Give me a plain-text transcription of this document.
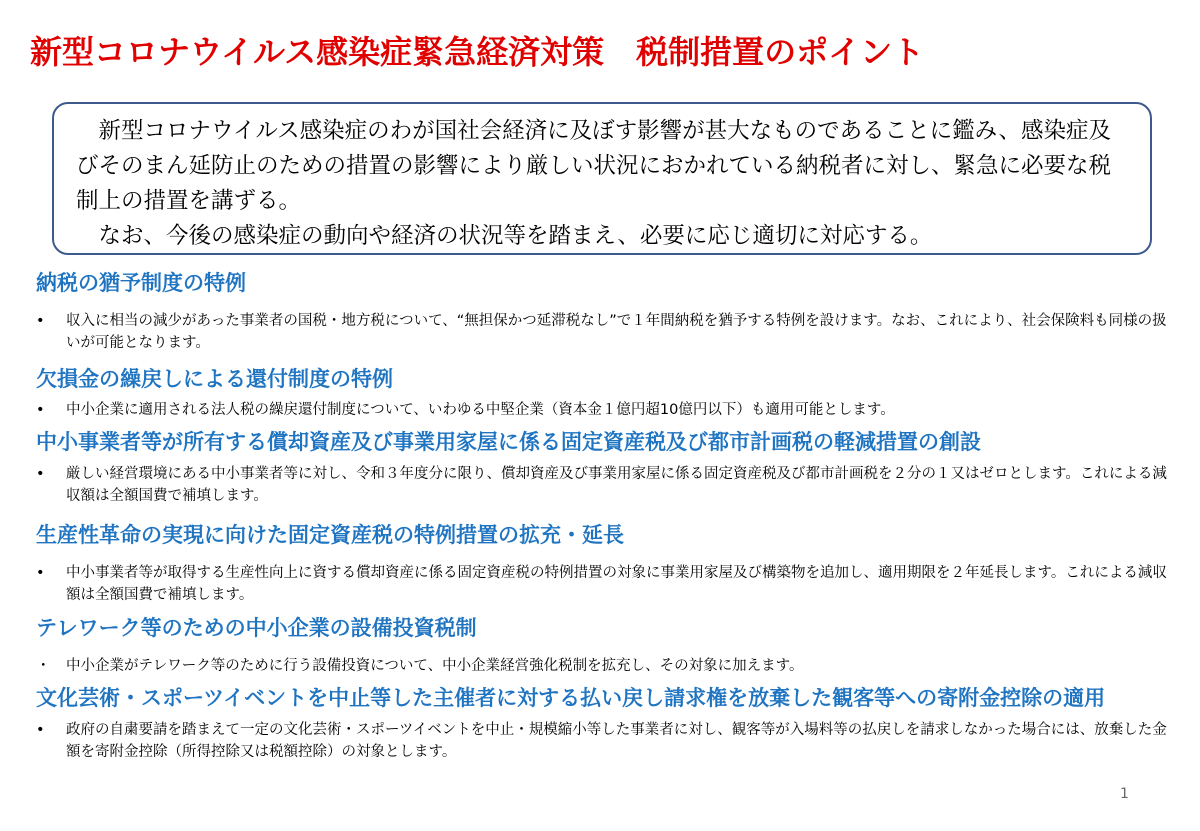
新型コロナウイルス感染症緊急経済対策　税制措置のポイント

　新型コロナウイルス感染症のわが国社会経済に及ぼす影響が甚大なものであることに鑑み、感染症及びそのまん延防止のための措置の影響により厳しい状況におかれている納税者に対し、緊急に必要な税制上の措置を講ずる。

　なお、今後の感染症の動向や経済の状況等を踏まえ、必要に応じ適切に対応する。

納税の猶予制度の特例
•	収入に相当の減少があった事業者の国税・地方税について、“無担保かつ延滞税なし”で１年間納税を猶予する特例を設けます。なお、これにより、社会保険料も同様の扱いが可能となります。
欠損金の繰戻しによる還付制度の特例
•	中小企業に適用される法人税の繰戻還付制度について、いわゆる中堅企業（資本金１億円超10億円以下）も適用可能とします。
中小事業者等が所有する償却資産及び事業用家屋に係る固定資産税及び都市計画税の軽減措置の創設
•	厳しい経営環境にある中小事業者等に対し、令和３年度分に限り、償却資産及び事業用家屋に係る固定資産税及び都市計画税を２分の１又はゼロとします。これによる減収額は全額国費で補填します。
生産性革命の実現に向けた固定資産税の特例措置の拡充・延長
•	中小事業者等が取得する生産性向上に資する償却資産に係る固定資産税の特例措置の対象に事業用家屋及び構築物を追加し、適用期限を２年延長します。これによる減収額は全額国費で補填します。
テレワーク等のための中小企業の設備投資税制
・	中小企業がテレワーク等のために行う設備投資について、中小企業経営強化税制を拡充し、その対象に加えます。
文化芸術・スポーツイベントを中止等した主催者に対する払い戻し請求権を放棄した観客等への寄附金控除の適用
•	政府の自粛要請を踏まえて一定の文化芸術・スポーツイベントを中止・規模縮小等した事業者に対し、観客等が入場料等の払戻しを請求しなかった場合には、放棄した金額を寄附金控除（所得控除又は税額控除）の対象とします。
1
